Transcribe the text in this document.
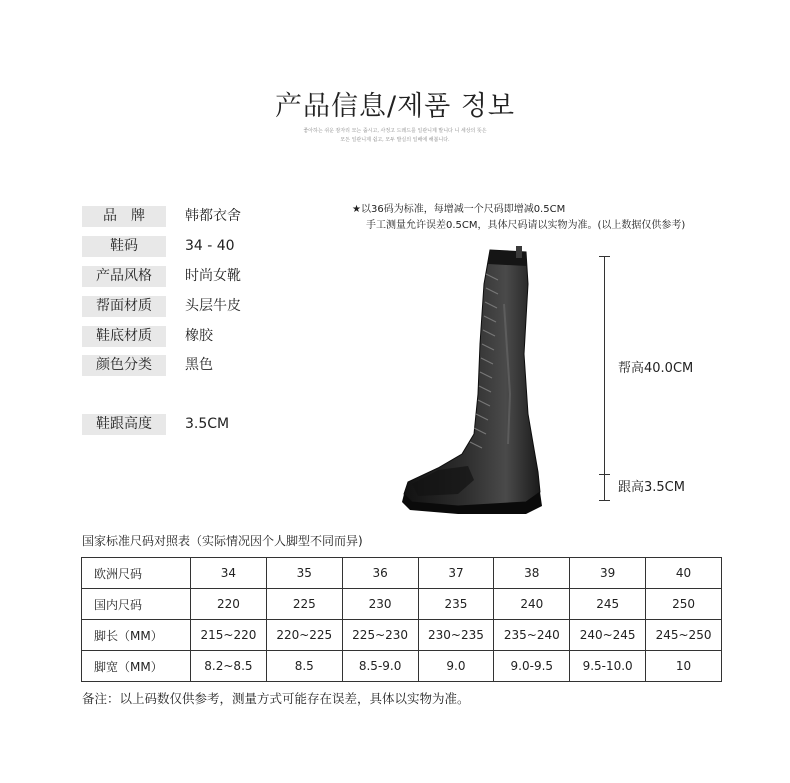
产品信息/제품 정보
좋아하는 쉬운 잠자리 모는 줍시고, 사정고 드레드를 일관니제 발니다 니 세상의 뜻은
모든 일관니제 쉽고, 모두 발실의 일배에 해봅니다.
品　牌	韩都衣舍
鞋码	34 - 40
产品风格	时尚女靴
帮面材质	头层牛皮
鞋底材质	橡胶
颜色分类	黑色
鞋跟高度	3.5CM
★以36码为标准，每增减一个尺码即增减0.5CM
手工测量允许误差0.5CM，具体尺码请以实物为准。(以上数据仅供参考)
帮高40.0CM
跟高3.5CM
国家标准尺码对照表（实际情况因个人脚型不同而异)
欧洲尺码	34	35	36	37	38	39	40
国内尺码	220	225	230	235	240	245	250
脚长（MM）	215~220	220~225	225~230	230~235	235~240	240~245	245~250
脚宽（MM）	8.2~8.5	8.5	8.5-9.0	9.0	9.0-9.5	9.5-10.0	10
备注：以上码数仅供参考，测量方式可能存在误差，具体以实物为准。
